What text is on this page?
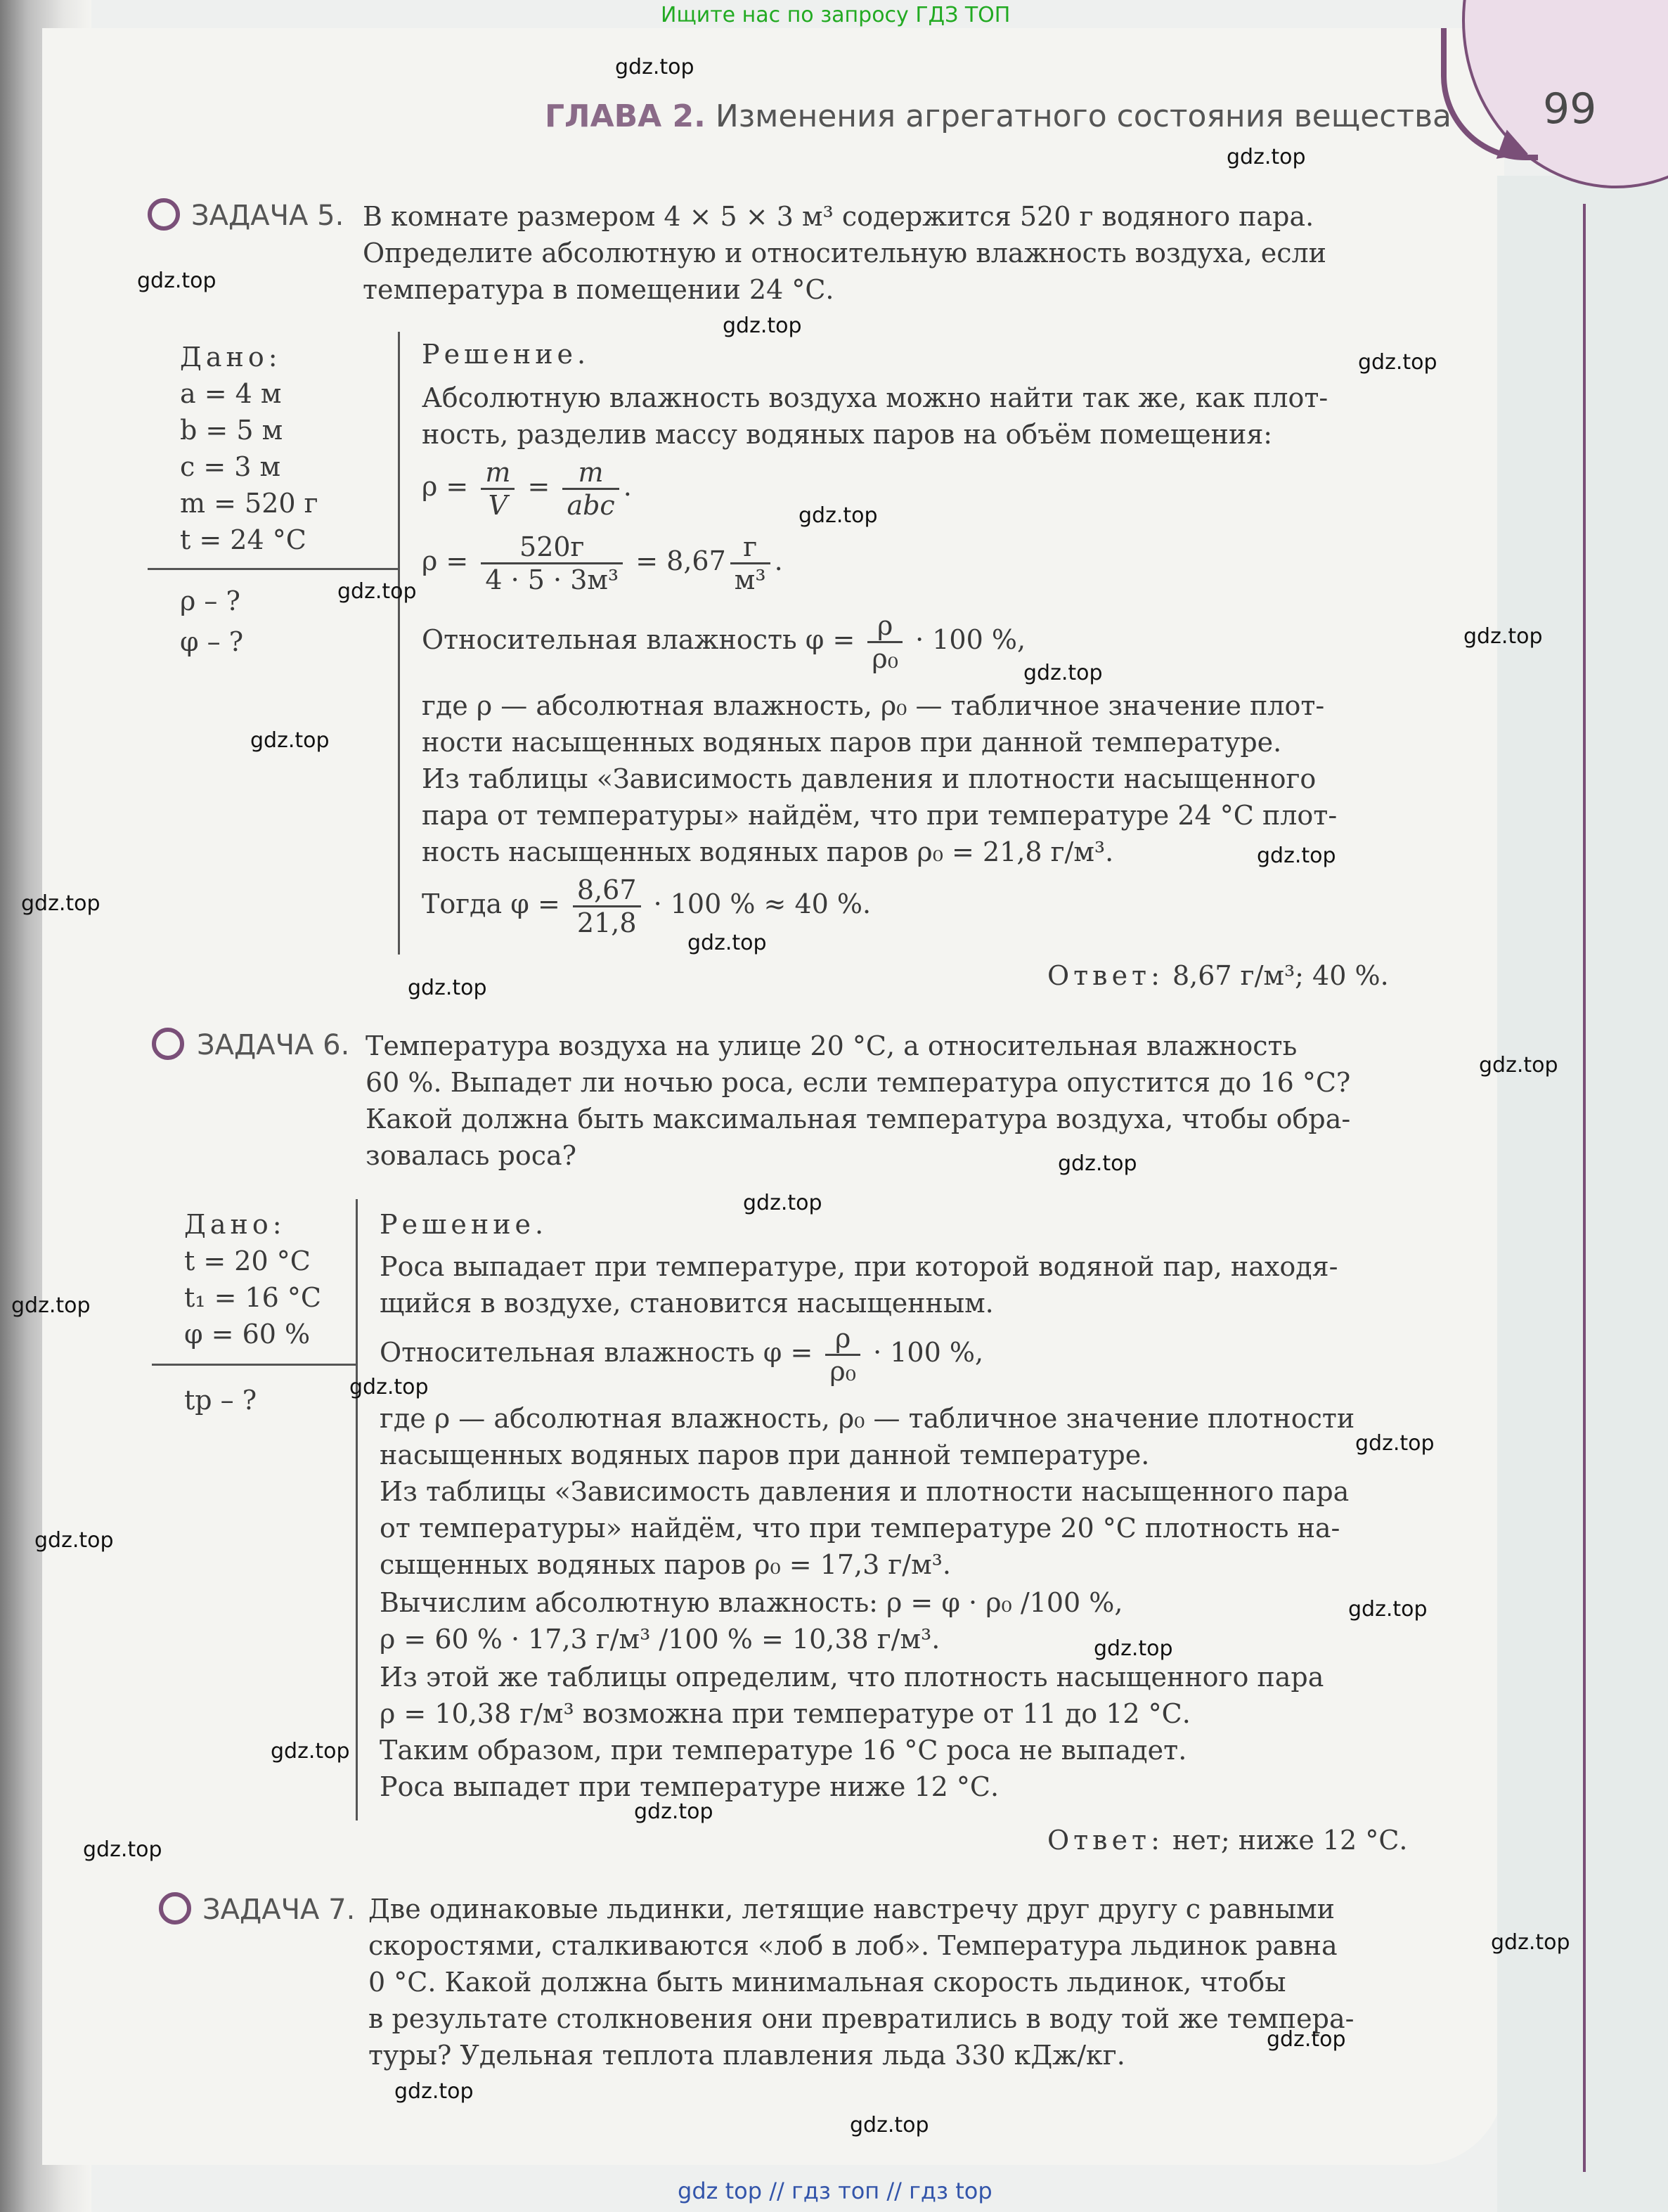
Ищите нас по запросу ГДЗ ТОП
99
ГЛАВА 2. Изменения агрегатного состояния вещества
ЗАДАЧА 5. В комнате размером 4 × 5 × 3 м³ содержится 520 г водяного пара.
Определите абсолютную и относительную влажность воздуха, если
температура в помещении 24 °С.
Дано:
a = 4 м
b = 5 м
c = 3 м
m = 520 г
t = 24 °С
ρ – ?
φ – ?
Решение.
Абсолютную влажность воздуха можно найти так же, как плот-
ность, разделив массу водяных паров на объём помещения:
$\rho = \frac{m}{V} = \frac{m}{\text{abc}}$ .
$\rho = \frac{520г}{\text{4 · 5 · 3м³}} = 8,67 \frac{г}{\text{м³}}$ .
Относительная влажность $\varphi = \frac{\rho}{\text{ρ₀}} \cdot 100$ %,
где ρ — абсолютная влажность, ρ₀ — табличное значение плот-
ности насыщенных водяных паров при данной температуре.
Из таблицы «Зависимость давления и плотности насыщенного
пара от температуры» найдём, что при температуре 24 °С плот-
ность насыщенных водяных паров ρ₀ = 21,8 г/м³.
Тогда $\varphi = \frac{8,67}{21,8} \cdot 100$ % ≈ 40 %.
Ответ: 8,67 г/м³; 40 %.
ЗАДАЧА 6. Температура воздуха на улице 20 °С, а относительная влажность
60 %. Выпадет ли ночью роса, если температура опустится до 16 °С?
Какой должна быть максимальная температура воздуха, чтобы обра-
зовалась роса?
Дано:
t = 20 °С
t₁ = 16 °С
φ = 60 %
tр – ?
Решение.
Роса выпадает при температуре, при которой водяной пар, находя-
щийся в воздухе, становится насыщенным.
Относительная влажность $\varphi = \frac{\rho}{\text{ρ₀}} \cdot 100$ %,
где ρ — абсолютная влажность, ρ₀ — табличное значение плотности
насыщенных водяных паров при данной температуре.
Из таблицы «Зависимость давления и плотности насыщенного пара
от температуры» найдём, что при температуре 20 °С плотность на-
сыщенных водяных паров ρ₀ = 17,3 г/м³.
Вычислим абсолютную влажность: ρ = φ · ρ₀ /100 %,
ρ = 60 % · 17,3 г/м³ /100 % = 10,38 г/м³.
Из этой же таблицы определим, что плотность насыщенного пара
ρ = 10,38 г/м³ возможна при температуре от 11 до 12 °С.
Таким образом, при температуре 16 °С роса не выпадет.
Роса выпадет при температуре ниже 12 °С.
Ответ: нет; ниже 12 °С.
ЗАДАЧА 7. Две одинаковые льдинки, летящие навстречу друг другу с равными
скоростями, сталкиваются «лоб в лоб». Температура льдинок равна
0 °С. Какой должна быть минимальная скорость льдинок, чтобы
в результате столкновения они превратились в воду той же темпера-
туры? Удельная теплота плавления льда 330 кДж/кг.
gdz.top
gdz.top
gdz.top
gdz.top
gdz.top
gdz.top
gdz.top
gdz.top
gdz.top
gdz.top
gdz.top
gdz.top
gdz.top
gdz.top
gdz.top
gdz.top
gdz.top
gdz.top
gdz.top
gdz.top
gdz.top
gdz.top
gdz.top
gdz.top
gdz.top
gdz.top
gdz.top
gdz.top
gdz.top
gdz.top
gdz top // гдз топ // гдз top
